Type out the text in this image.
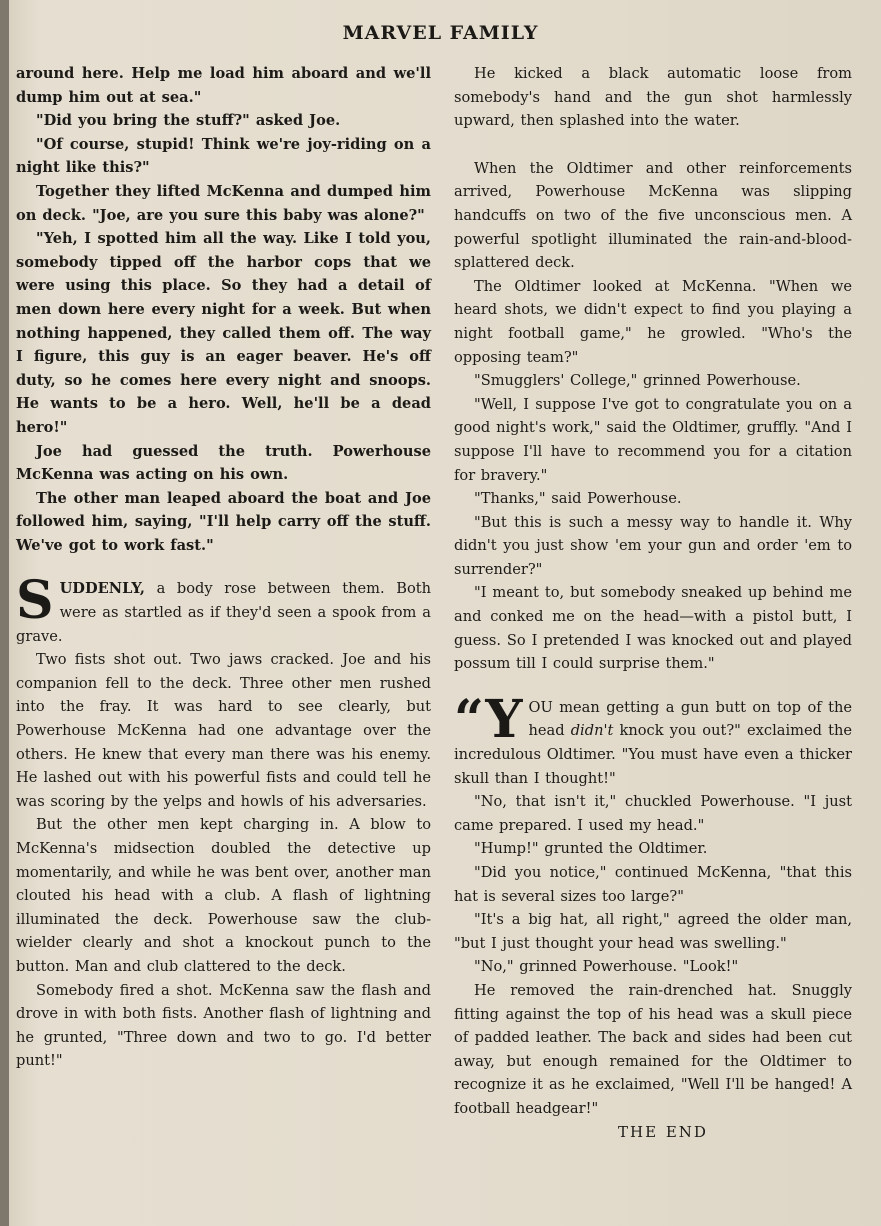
MARVEL FAMILY

around here. Help me load him aboard and we'll dump him out at sea."

"Did you bring the stuff?" asked Joe.

"Of course, stupid! Think we're joy-riding on a night like this?"

Together they lifted McKenna and dumped him on deck. "Joe, are you sure this baby was alone?"

"Yeh, I spotted him all the way. Like I told you, somebody tipped off the harbor cops that we were using this place. So they had a detail of men down here every night for a week. But when nothing happened, they called them off. The way I figure, this guy is an eager beaver. He's off duty, so he comes here every night and snoops. He wants to be a hero. Well, he'll be a dead hero!"

Joe had guessed the truth. Powerhouse McKenna was acting on his own.

The other man leaped aboard the boat and Joe followed him, saying, "I'll help carry off the stuff. We've got to work fast."

SUDDENLY, a body rose between them. Both were as startled as if they'd seen a spook from a grave.

Two fists shot out. Two jaws cracked. Joe and his companion fell to the deck. Three other men rushed into the fray. It was hard to see clearly, but Powerhouse McKenna had one advantage over the others. He knew that every man there was his enemy. He lashed out with his powerful fists and could tell he was scoring by the yelps and howls of his adversaries.

But the other men kept charging in. A blow to McKenna's midsection doubled the detective up momentarily, and while he was bent over, another man clouted his head with a club. A flash of lightning illuminated the deck. Powerhouse saw the club-wielder clearly and shot a knockout punch to the button. Man and club clattered to the deck.

Somebody fired a shot. McKenna saw the flash and drove in with both fists. Another flash of lightning and he grunted, "Three down and two to go. I'd better punt!"

He kicked a black automatic loose from somebody's hand and the gun shot harmlessly upward, then splashed into the water.

When the Oldtimer and other reinforcements arrived, Powerhouse McKenna was slipping handcuffs on two of the five unconscious men. A powerful spotlight illuminated the rain-and-blood-splattered deck.

The Oldtimer looked at McKenna. "When we heard shots, we didn't expect to find you playing a night football game," he growled. "Who's the opposing team?"

"Smugglers' College," grinned Powerhouse.

"Well, I suppose I've got to congratulate you on a good night's work," said the Oldtimer, gruffly. "And I suppose I'll have to recommend you for a citation for bravery."

"Thanks," said Powerhouse.

"But this is such a messy way to handle it. Why didn't you just show 'em your gun and order 'em to surrender?"

"I meant to, but somebody sneaked up behind me and conked me on the head—with a pistol butt, I guess. So I pretended I was knocked out and played possum till I could surprise them."

“YOU mean getting a gun butt on top of the head didn't knock you out?" exclaimed the incredulous Oldtimer. "You must have even a thicker skull than I thought!"

"No, that isn't it," chuckled Powerhouse. "I just came prepared. I used my head."

"Hump!" grunted the Oldtimer.

"Did you notice," continued McKenna, "that this hat is several sizes too large?"

"It's a big hat, all right," agreed the older man, "but I just thought your head was swelling."

"No," grinned Powerhouse. "Look!"

He removed the rain-drenched hat. Snuggly fitting against the top of his head was a skull piece of padded leather. The back and sides had been cut away, but enough remained for the Oldtimer to recognize it as he exclaimed, "Well I'll be hanged! A football headgear!"

THE END
